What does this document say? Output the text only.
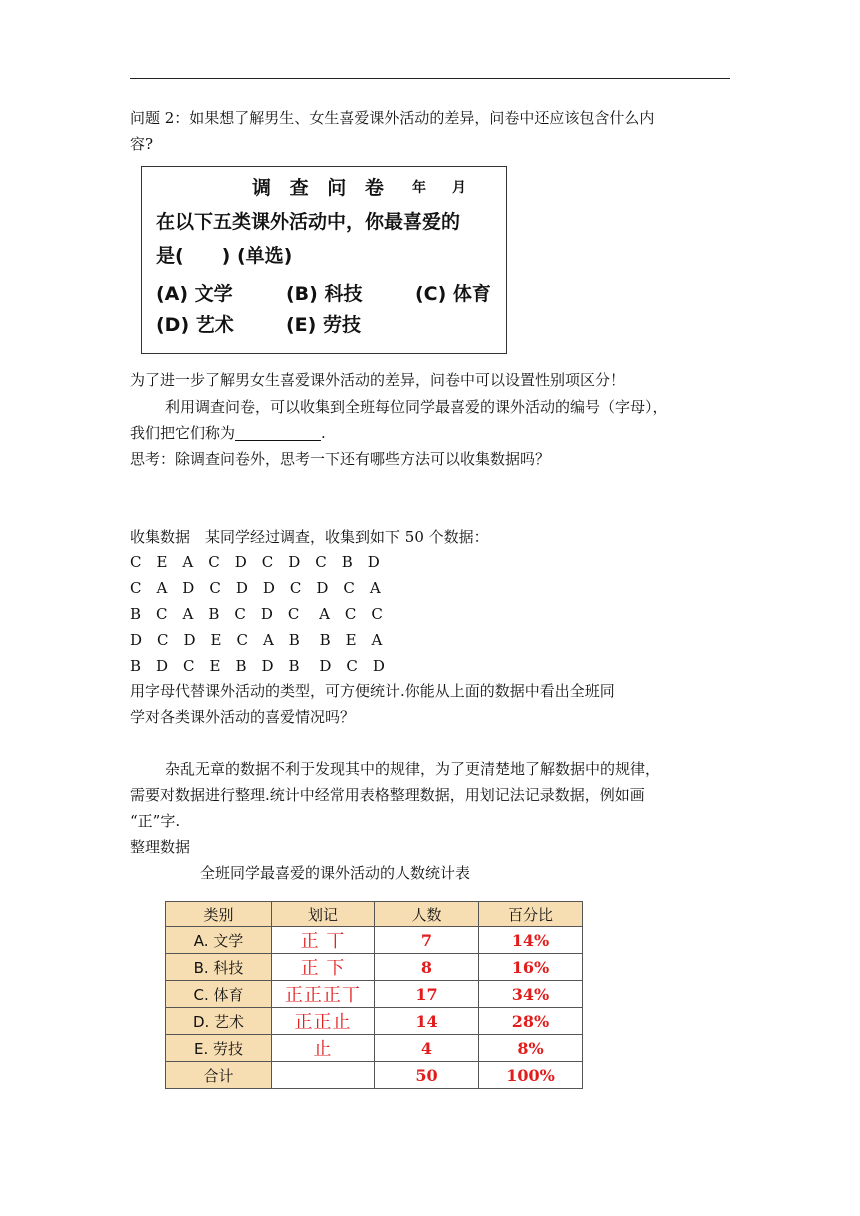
问题 2：如果想了解男生、女生喜爱课外活动的差异，问卷中还应该包含什么内
容?
调 查 问 卷 年 月
在以下五类课外活动中，你最喜爱的
是(　　) (单选)
(A) 文学	(B) 科技	(C) 体育
(D) 艺术	(E) 劳技
为了进一步了解男女生喜爱课外活动的差异，问卷中可以设置性别项区分！
利用调查问卷，可以收集到全班每位同学最喜爱的课外活动的编号（字母），
我们把它们称为	.
思考：除调查问卷外，思考一下还有哪些方法可以收集数据吗？
收集数据　某同学经过调查，收集到如下 50 个数据：
C　E　A　C　D　C　D　C　B　D
C　A　D　C　D　D　C　D　C　A
B　C　A　B　C　D　C　 A　C　C
D　C　D　E　C　A　B　 B　E　A
B　D　C　E　B　D　B　 D　C　D
用字母代替课外活动的类型，可方便统计.你能从上面的数据中看出全班同
学对各类课外活动的喜爱情况吗？
杂乱无章的数据不利于发现其中的规律，为了更清楚地了解数据中的规律，
需要对数据进行整理.统计中经常用表格整理数据，用划记法记录数据，例如画
“正”字.
整理数据
全班同学最喜爱的课外活动的人数统计表
类别	划记	人数	百分比
A. 文学	正 丅	7	14%
B. 科技	正 下	8	16%
C. 体育	正正正丅	17	34%
D. 艺术	正正止	14	28%
E. 劳技	止	4	8%
合计		50	100%
